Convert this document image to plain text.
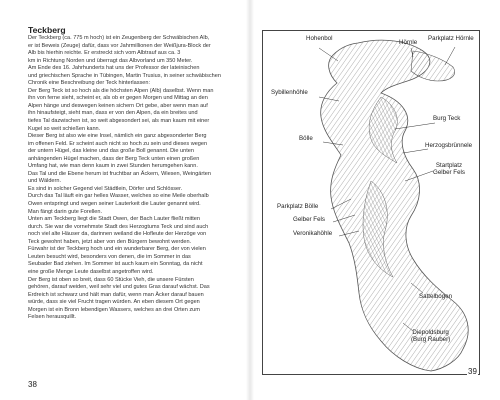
Teckberg

Der Teckberg (ca. 775 m hoch) ist ein Zeugenberg der Schwäbischen Alb,

er ist Beweis (Zeuge) dafür, dass vor Jahrmillionen der Weißjura-Block der

Alb bis hierhin reichte. Er erstreckt sich vom Albtrauf aus ca. 3

km in Richtung Norden und überragt das Albvorland um 350 Meter.

Am Ende des 16. Jahrhunderts hat uns der Professor der lateinischen

und griechischen Sprache in Tübingen, Martin Trusius, in seiner schwäbischen

Chronik eine Beschreibung der Teck hinterlassen:

Der Berg Teck ist so hoch als die höchsten Alpen (Alb) daselbst. Wenn man

ihn von ferne sieht, scheint er, als ob er gegen Morgen und Mittag an den

Alpen hänge und deswegen keinen sichern Ort gebe, aber wenn man auf

ihn hinaufsteigt, sieht man, dass er von den Alpen, da ein breites und

tiefes Tal dazwischen ist, so weit abgesondert sei, als man kaum mit einer

Kugel so weit schießen kann.

Dieser Berg ist also wie eine Insel, nämlich ein ganz abgesonderter Berg

im offenen Feld. Er scheint auch nicht so hoch zu sein und dieses wegen

der untern Hügel, das kleine und das große Boll genannt. Die unten

anhängenden Hügel machen, dass der Berg Teck unten einen großen

Umfang hat, wie man denn kaum in zwei Stunden herumgehen kann.

Das Tal und die Ebene herum ist fruchtbar an Äckern, Wiesen, Weingärten

und Wäldern.

Es sind in solcher Gegend viel Städtlein, Dörfer und Schlösser.

Durch das Tal läuft ein gar helles Wasser, welches so eine Meile oberhalb

Owen entspringt und wegen seiner Lauterkeit die Lauter genannt wird.

Man fängt darin gute Forellen.

Unten am Teckberg liegt die Stadt Owen, der Bach Lauter fließt mitten

durch. Sie war die vornehmste Stadt des Herzogtums Teck und sind auch

noch viel alte Häuser da, darinnen weiland die Hofleute der Herzöge von

Teck gewohnt haben, jetzt aber von den Bürgern bewohnt werden.

Fürwahr ist der Teckberg hoch und ein wunderbarer Berg, der von vielen

Leuten besucht wird, besonders von denen, die im Sommer in das

Seubader Bad ziehen. Im Sommer ist auch kaum ein Sonntag, da nicht

eine große Menge Leute daselbst angetroffen wird.

Der Berg ist oben so breit, dass 60 Stücke Vieh, die unsere Fürsten

gehören, darauf weiden, weil sehr viel und gutes Gras darauf wächst. Das

Erdreich ist schwarz und hält man dafür, wenn man Äcker darauf bauen

würde, dass sie viel Frucht tragen würden. An eben diesem Ort gegen

Morgen ist ein Bronn lebendigen Wassers, welches an drei Orten zum

Felsen herausquillt.

38
Hohenbol
Hörnle
Parkplatz Hörnle
Sybillenhöhle
Burg Teck
Bölle
Herzogsbrünnele
Startplatz
Gelber Fels
Parkplatz Bölle
Gelber Fels
Veronikahöhle
Sattelbogen
Diepoldsburg
(Burg Rauber)
39
